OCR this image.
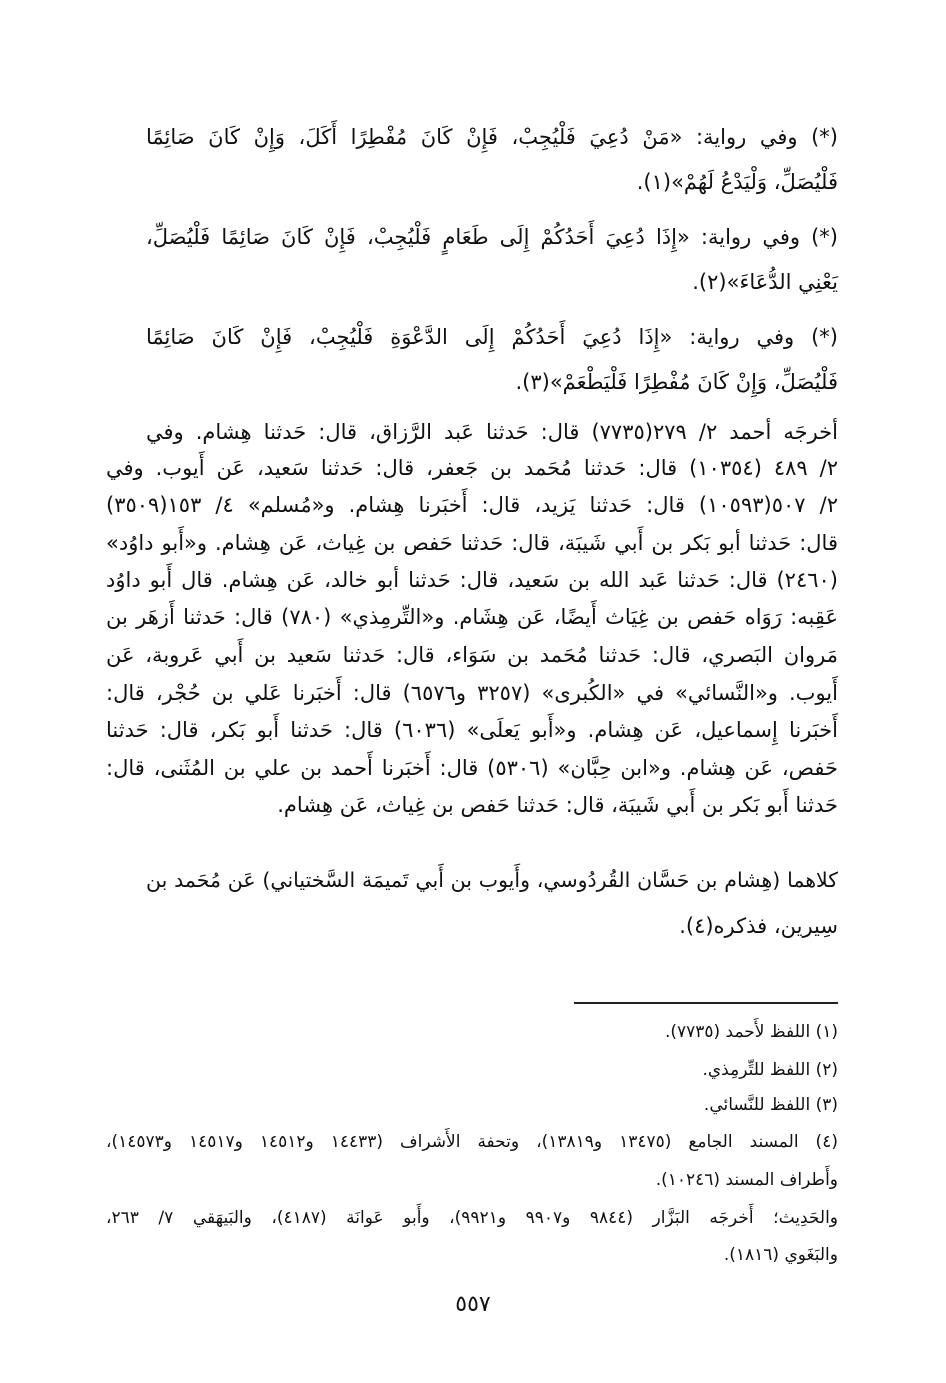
(*) وفي رواية: «مَنْ دُعِيَ فَلْيُجِبْ، فَإِنْ كَانَ مُفْطِرًا أَكَلَ، وَإِنْ كَانَ صَائِمًا
فَلْيُصَلِّ، وَلْيَدْعُ لَهُمْ»(١).
(*) وفي رواية: «إِذَا دُعِيَ أَحَدُكُمْ إِلَى طَعَامٍ فَلْيُجِبْ، فَإِنْ كَانَ صَائِمًا فَلْيُصَلِّ،
يَعْنِي الدُّعَاءَ»(٢).
(*) وفي رواية: «إِذَا دُعِيَ أَحَدُكُمْ إِلَى الدَّعْوَةِ فَلْيُجِبْ، فَإِنْ كَانَ صَائِمًا
فَلْيُصَلِّ، وَإِنْ كَانَ مُفْطِرًا فَلْيَطْعَمْ»(٣).
أخرجَه أحمد ٢/ ٢٧٩(٧٧٣٥) قال: حَدثنا عَبد الرَّزاق، قال: حَدثنا هِشام. وفي
٢/ ٤٨٩ (١٠٣٥٤) قال: حَدثنا مُحَمد بن جَعفر، قال: حَدثنا سَعيد، عَن أَيوب. وفي
٢/ ٥٠٧(١٠٥٩٣) قال: حَدثنا يَزيد، قال: أَخبَرنا هِشام. و«مُسلم» ٤/ ١٥٣(٣٥٠٩)
قال: حَدثنا أبو بَكر بن أَبي شَيبَة، قال: حَدثنا حَفص بن غِياث، عَن هِشام. و«أَبو داوُد»
(٢٤٦٠) قال: حَدثنا عَبد الله بن سَعيد، قال: حَدثنا أبو خالد، عَن هِشام. قال أَبو داوُد
عَقِبه: رَوَاه حَفص بن غِيَاث أَيضًا، عَن هِشَام. و«التِّرمِذي» (٧٨٠) قال: حَدثنا أَزهَر بن
مَروان البَصري، قال: حَدثنا مُحَمد بن سَوَاء، قال: حَدثنا سَعيد بن أَبي عَروبة، عَن
أَيوب. و«النَّسائي» في «الكُبرى» (٣٢٥٧ و٦٥٧٦) قال: أَخبَرنا عَلي بن حُجْر، قال:
أَخبَرنا إِسماعيل، عَن هِشام. و«أَبو يَعلَى» (٦٠٣٦) قال: حَدثنا أَبو بَكر، قال: حَدثنا
حَفص، عَن هِشام. و«ابن حِبَّان» (٥٣٠٦) قال: أَخبَرنا أَحمد بن علي بن المُثَنى، قال:
حَدثنا أَبو بَكر بن أَبي شَيبَة، قال: حَدثنا حَفص بن غِياث، عَن هِشام.
كلاهما (هِشام بن حَسَّان القُردُوسي، وأَيوب بن أَبي تَميمَة السَّختياني) عَن مُحَمد بن
سِيرين، فذكره(٤).
(١) اللفظ لأَحمد (٧٧٣٥).
(٢) اللفظ للتِّرمِذي.
(٣) اللفظ للنَّسائي.
(٤) المسند الجامع (١٣٤٧٥ و١٣٨١٩)، وتحفة الأَشراف (١٤٤٣٣ و١٤٥١٢ و١٤٥١٧ و١٤٥٧٣)،
وأَطراف المسند (١٠٢٤٦).
والحَدِيث؛ أَخرجَه البَزَّار (٩٨٤٤ و٩٩٠٧ و٩٩٢١)، وأَبو عَوانَة (٤١٨٧)، والبَيهَقي ٧/ ٢٦٣،
والبَغَوي (١٨١٦).
٥٥٧
